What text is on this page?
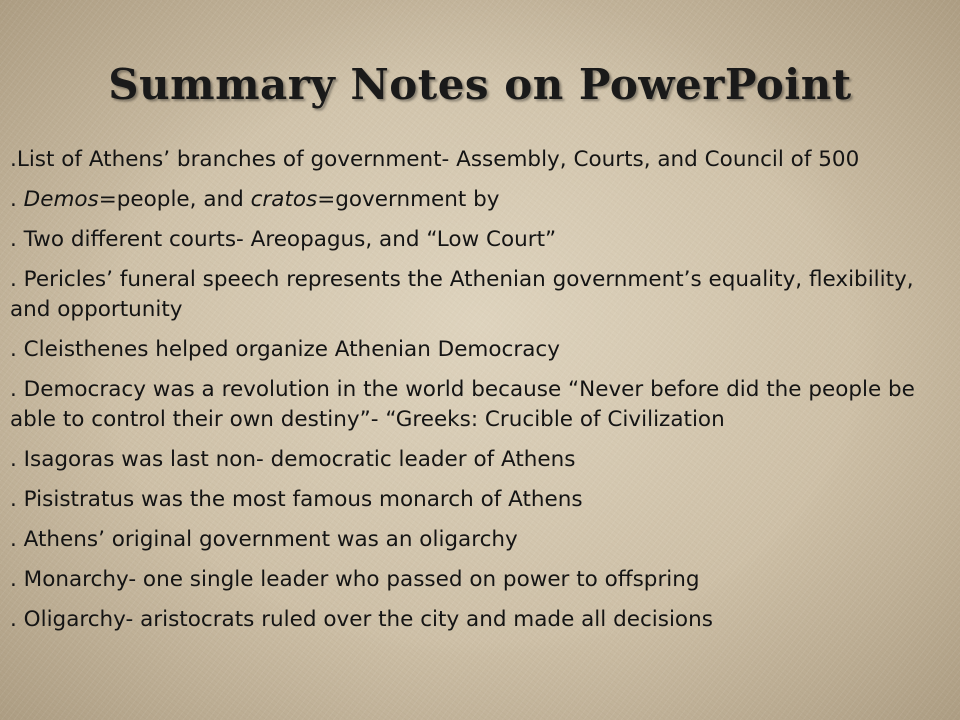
Summary Notes on PowerPoint
.List of Athens’ branches of government- Assembly, Courts, and Council of 500
. Demos=people, and cratos=government by
. Two different courts- Areopagus, and “Low Court”
. Pericles’ funeral speech represents the Athenian government’s equality, flexibility, and opportunity
. Cleisthenes helped organize Athenian Democracy
. Democracy was a revolution in the world because “Never before did the people be able to control their own destiny”- “Greeks: Crucible of Civilization
. Isagoras was last non- democratic leader of Athens
. Pisistratus was the most famous monarch of Athens
. Athens’ original government was an oligarchy
. Monarchy- one single leader who passed on power to offspring
. Oligarchy- aristocrats ruled over the city and made all decisions
